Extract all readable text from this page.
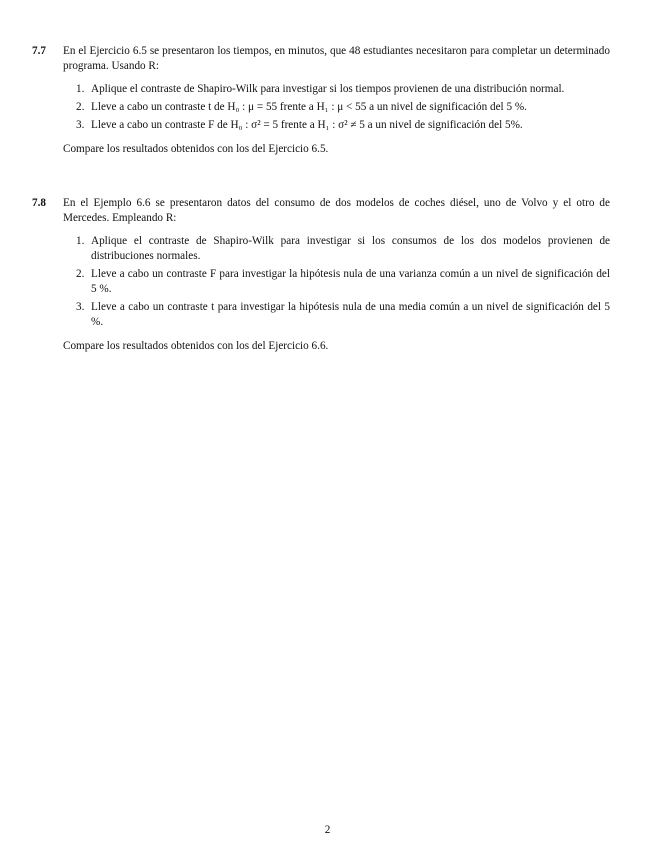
7.7 En el Ejercicio 6.5 se presentaron los tiempos, en minutos, que 48 estudiantes necesitaron para completar un determinado programa. Usando R:
1. Aplique el contraste de Shapiro-Wilk para investigar si los tiempos provienen de una distribución normal.
2. Lleve a cabo un contraste t de H₀ : μ = 55 frente a H₁ : μ < 55 a un nivel de significación del 5 %.
3. Lleve a cabo un contraste F de H₀ : σ² = 5 frente a H₁ : σ² ≠ 5 a un nivel de significación del 5%.
Compare los resultados obtenidos con los del Ejercicio 6.5.
7.8 En el Ejemplo 6.6 se presentaron datos del consumo de dos modelos de coches diésel, uno de Volvo y el otro de Mercedes. Empleando R:
1. Aplique el contraste de Shapiro-Wilk para investigar si los consumos de los dos modelos provienen de distribuciones normales.
2. Lleve a cabo un contraste F para investigar la hipótesis nula de una varianza común a un nivel de significación del 5 %.
3. Lleve a cabo un contraste t para investigar la hipótesis nula de una media común a un nivel de significación del 5 %.
Compare los resultados obtenidos con los del Ejercicio 6.6.
2
